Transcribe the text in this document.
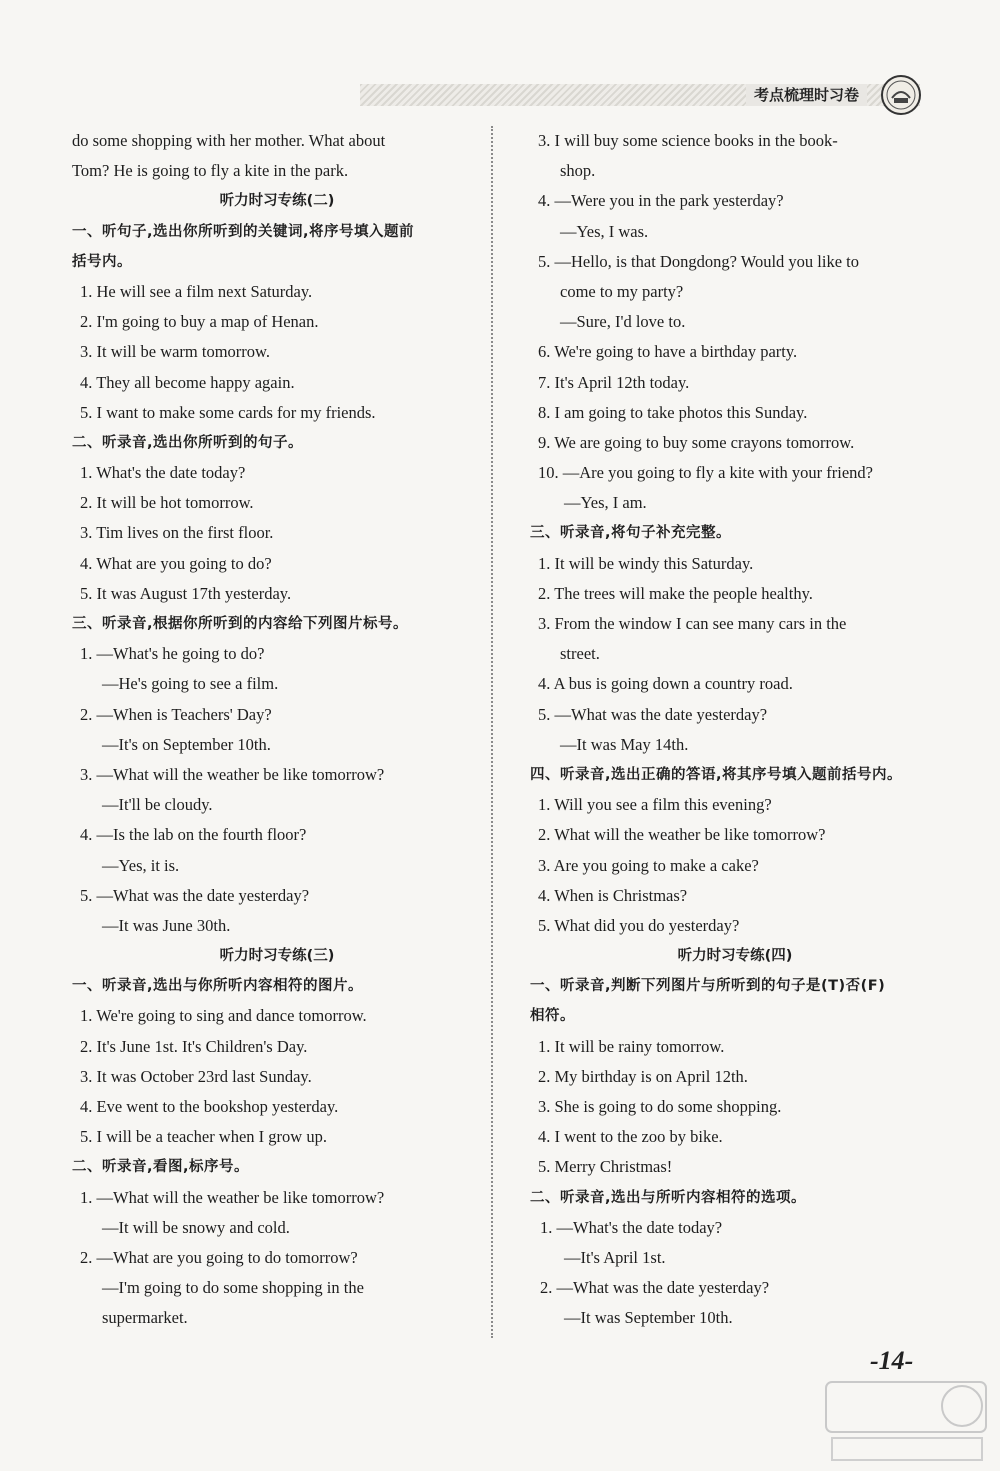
考点梳理时习卷
do some shopping with her mother. What about
Tom? He is going to fly a kite in the park.
听力时习专练(二)
一、听句子,选出你所听到的关键词,将序号填入题前
括号内。
1. He will see a film next Saturday.
2. I'm going to buy a map of Henan.
3. It will be warm tomorrow.
4. They all become happy again.
5. I want to make some cards for my friends.
二、听录音,选出你所听到的句子。
1. What's the date today?
2. It will be hot tomorrow.
3. Tim lives on the first floor.
4. What are you going to do?
5. It was August 17th yesterday.
三、听录音,根据你所听到的内容给下列图片标号。
1. —What's he going to do?
—He's going to see a film.
2. —When is Teachers' Day?
—It's on September 10th.
3. —What will the weather be like tomorrow?
—It'll be cloudy.
4. —Is the lab on the fourth floor?
—Yes, it is.
5. —What was the date yesterday?
—It was June 30th.
听力时习专练(三)
一、听录音,选出与你所听内容相符的图片。
1. We're going to sing and dance tomorrow.
2. It's June 1st. It's Children's Day.
3. It was October 23rd last Sunday.
4. Eve went to the bookshop yesterday.
5. I will be a teacher when I grow up.
二、听录音,看图,标序号。
1. —What will the weather be like tomorrow?
—It will be snowy and cold.
2. —What are you going to do tomorrow?
—I'm going to do some shopping in the
supermarket.
3. I will buy some science books in the book-
shop.
4. —Were you in the park yesterday?
—Yes, I was.
5. —Hello, is that Dongdong? Would you like to
come to my party?
—Sure, I'd love to.
6. We're going to have a birthday party.
7. It's April 12th today.
8. I am going to take photos this Sunday.
9. We are going to buy some crayons tomorrow.
10. —Are you going to fly a kite with your friend?
—Yes, I am.
三、听录音,将句子补充完整。
1. It will be windy this Saturday.
2. The trees will make the people healthy.
3. From the window I can see many cars in the
street.
4. A bus is going down a country road.
5. —What was the date yesterday?
—It was May 14th.
四、听录音,选出正确的答语,将其序号填入题前括号内。
1. Will you see a film this evening?
2. What will the weather be like tomorrow?
3. Are you going to make a cake?
4. When is Christmas?
5. What did you do yesterday?
听力时习专练(四)
一、听录音,判断下列图片与所听到的句子是(T)否(F)
相符。
1. It will be rainy tomorrow.
2. My birthday is on April 12th.
3. She is going to do some shopping.
4. I went to the zoo by bike.
5. Merry Christmas!
二、听录音,选出与所听内容相符的选项。
1. —What's the date today?
—It's April 1st.
2. —What was the date yesterday?
—It was September 10th.
-14-
